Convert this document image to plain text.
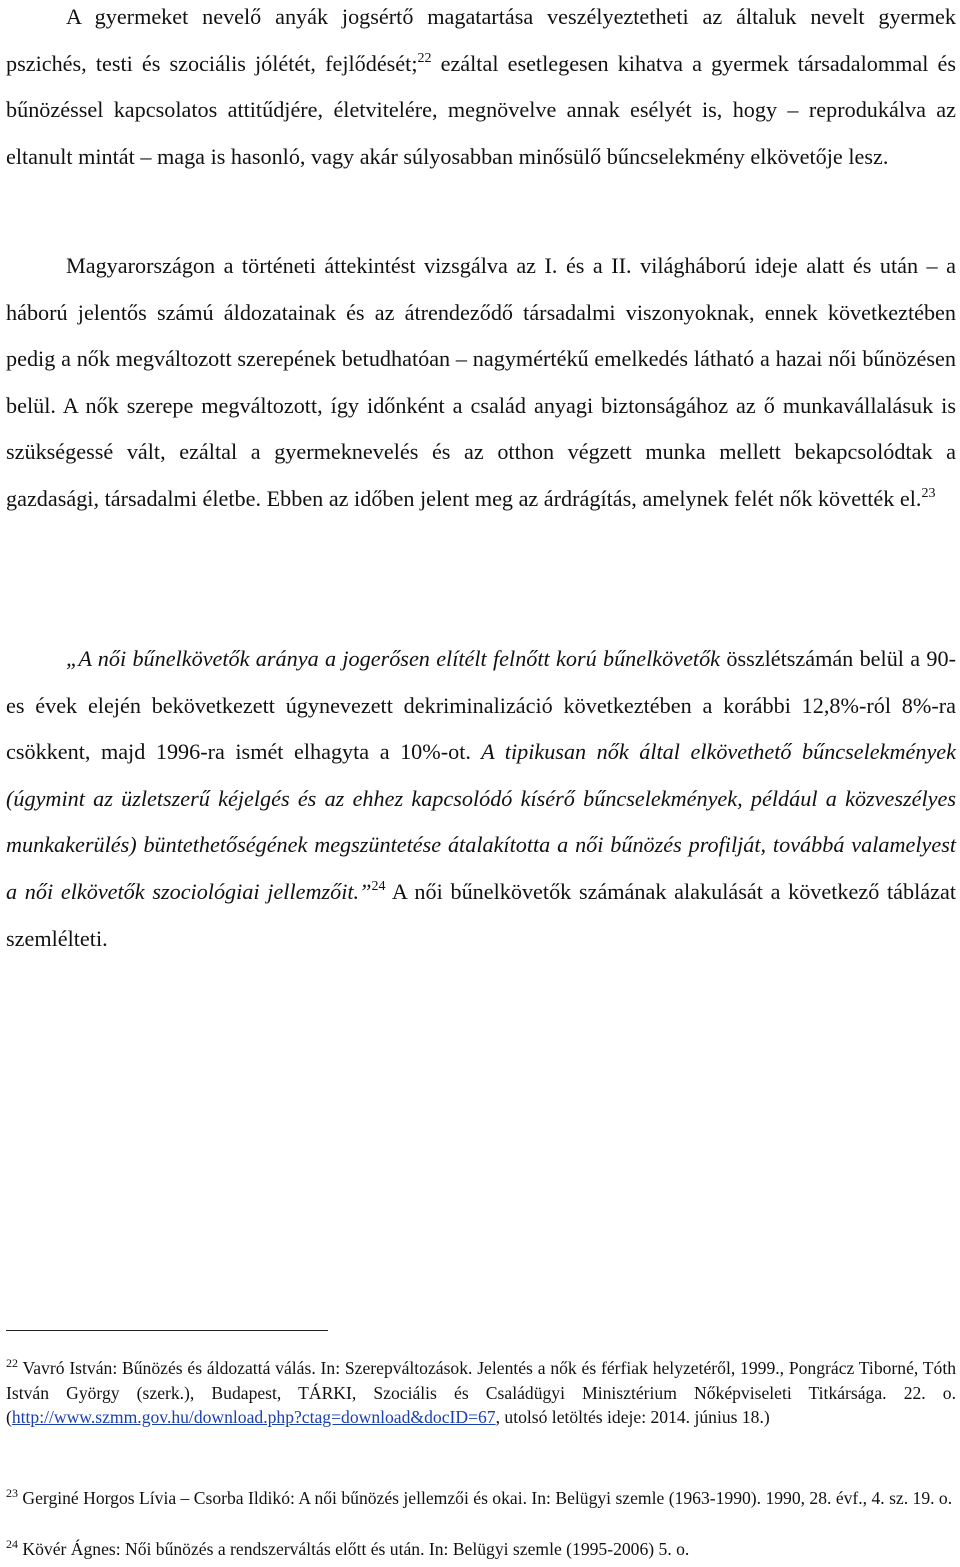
A gyermeket nevelő anyák jogsértő magatartása veszélyeztetheti az általuk nevelt gyermek pszichés, testi és szociális jólétét, fejlődését;$^{22}$ ezáltal esetlegesen kihatva a gyermek társadalommal és bűnözéssel kapcsolatos attitűdjére, életvitelére, megnövelve annak esélyét is, hogy – reprodukálva az eltanult mintát – maga is hasonló, vagy akár súlyosabban minősülő bűncselekmény elkövetője lesz.

Magyarországon a történeti áttekintést vizsgálva az I. és a II. világháború ideje alatt és után – a háború jelentős számú áldozatainak és az átrendeződő társadalmi viszonyoknak, ennek következtében pedig a nők megváltozott szerepének betudhatóan – nagymértékű emelkedés látható a hazai női bűnözésen belül. A nők szerepe megváltozott, így időnként a család anyagi biztonságához az ő munkavállalásuk is szükségessé vált, ezáltal a gyermeknevelés és az otthon végzett munka mellett bekapcsolódtak a gazdasági, társadalmi életbe. Ebben az időben jelent meg az árdrágítás, amelynek felét nők követték el.$^{23}$

„A női bűnelkövetők aránya a jogerősen elítélt felnőtt korú bűnelkövetők összlétszámán belül a 90-es évek elején bekövetkezett úgynevezett dekriminalizáció következtében a korábbi 12,8%-ról 8%-ra csökkent, majd 1996-ra ismét elhagyta a 10%-ot. A tipikusan nők által elkövethető bűncselekmények (úgymint az üzletszerű kéjelgés és az ehhez kapcsolódó kísérő bűncselekmények, például a közveszélyes munkakerülés) büntethetőségének megszüntetése átalakította a női bűnözés profilját, továbbá valamelyest a női elkövetők szociológiai jellemzőit.”$^{24}$ A női bűnelkövetők számának alakulását a következő táblázat szemlélteti.

$^{22}$ Vavró István: Bűnözés és áldozattá válás. In: Szerepváltozások. Jelentés a nők és férfiak helyzetéről, 1999., Pongrácz Tiborné, Tóth István György (szerk.), Budapest, TÁRKI, Szociális és Családügyi Minisztérium Nőképviseleti Titkársága. 22. o. (http://www.szmm.gov.hu/download.php?ctag=download&docID=67, utolsó letöltés ideje: 2014. június 18.)

$^{23}$ Gerginé Horgos Lívia – Csorba Ildikó: A női bűnözés jellemzői és okai. In: Belügyi szemle (1963-1990). 1990, 28. évf., 4. sz. 19. o.

$^{24}$ Kövér Ágnes: Női bűnözés a rendszerváltás előtt és után. In: Belügyi szemle (1995-2006) 5. o.
